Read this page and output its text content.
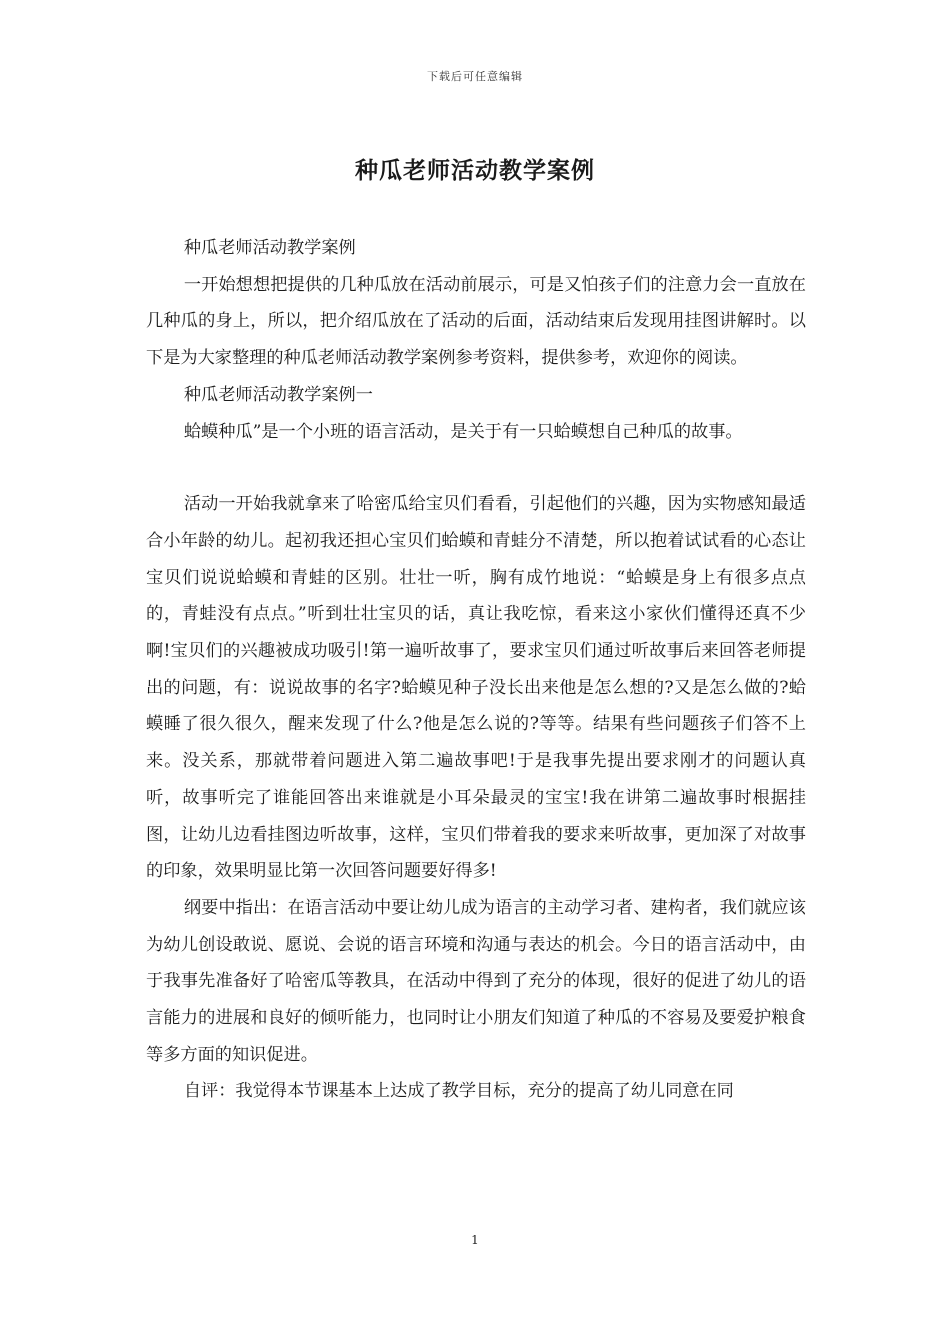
下载后可任意编辑
种瓜老师活动教学案例

种瓜老师活动教学案例

一开始想想把提供的几种瓜放在活动前展示，可是又怕孩子们的注意力会一直放在几种瓜的身上，所以，把介绍瓜放在了活动的后面，活动结束后发现用挂图讲解时。以下是为大家整理的种瓜老师活动教学案例参考资料，提供参考，欢迎你的阅读。

种瓜老师活动教学案例一

蛤蟆种瓜”是一个小班的语言活动，是关于有一只蛤蟆想自己种瓜的故事。

活动一开始我就拿来了哈密瓜给宝贝们看看，引起他们的兴趣，因为实物感知最适合小年龄的幼儿。起初我还担心宝贝们蛤蟆和青蛙分不清楚，所以抱着试试看的心态让宝贝们说说蛤蟆和青蛙的区别。壮壮一听，胸有成竹地说：“蛤蟆是身上有很多点点的，青蛙没有点点。”听到壮壮宝贝的话，真让我吃惊，看来这小家伙们懂得还真不少啊!宝贝们的兴趣被成功吸引!第一遍听故事了，要求宝贝们通过听故事后来回答老师提出的问题，有：说说故事的名字?蛤蟆见种子没长出来他是怎么想的?又是怎么做的?蛤蟆睡了很久很久，醒来发现了什么?他是怎么说的?等等。结果有些问题孩子们答不上来。没关系，那就带着问题进入第二遍故事吧!于是我事先提出要求刚才的问题认真听，故事听完了谁能回答出来谁就是小耳朵最灵的宝宝!我在讲第二遍故事时根据挂图，让幼儿边看挂图边听故事，这样，宝贝们带着我的要求来听故事，更加深了对故事的印象，效果明显比第一次回答问题要好得多!

纲要中指出：在语言活动中要让幼儿成为语言的主动学习者、建构者，我们就应该为幼儿创设敢说、愿说、会说的语言环境和沟通与表达的机会。今日的语言活动中，由于我事先准备好了哈密瓜等教具，在活动中得到了充分的体现，很好的促进了幼儿的语言能力的进展和良好的倾听能力，也同时让小朋友们知道了种瓜的不容易及要爱护粮食等多方面的知识促进。

自评：我觉得本节课基本上达成了教学目标，充分的提高了幼儿同意在同

1
